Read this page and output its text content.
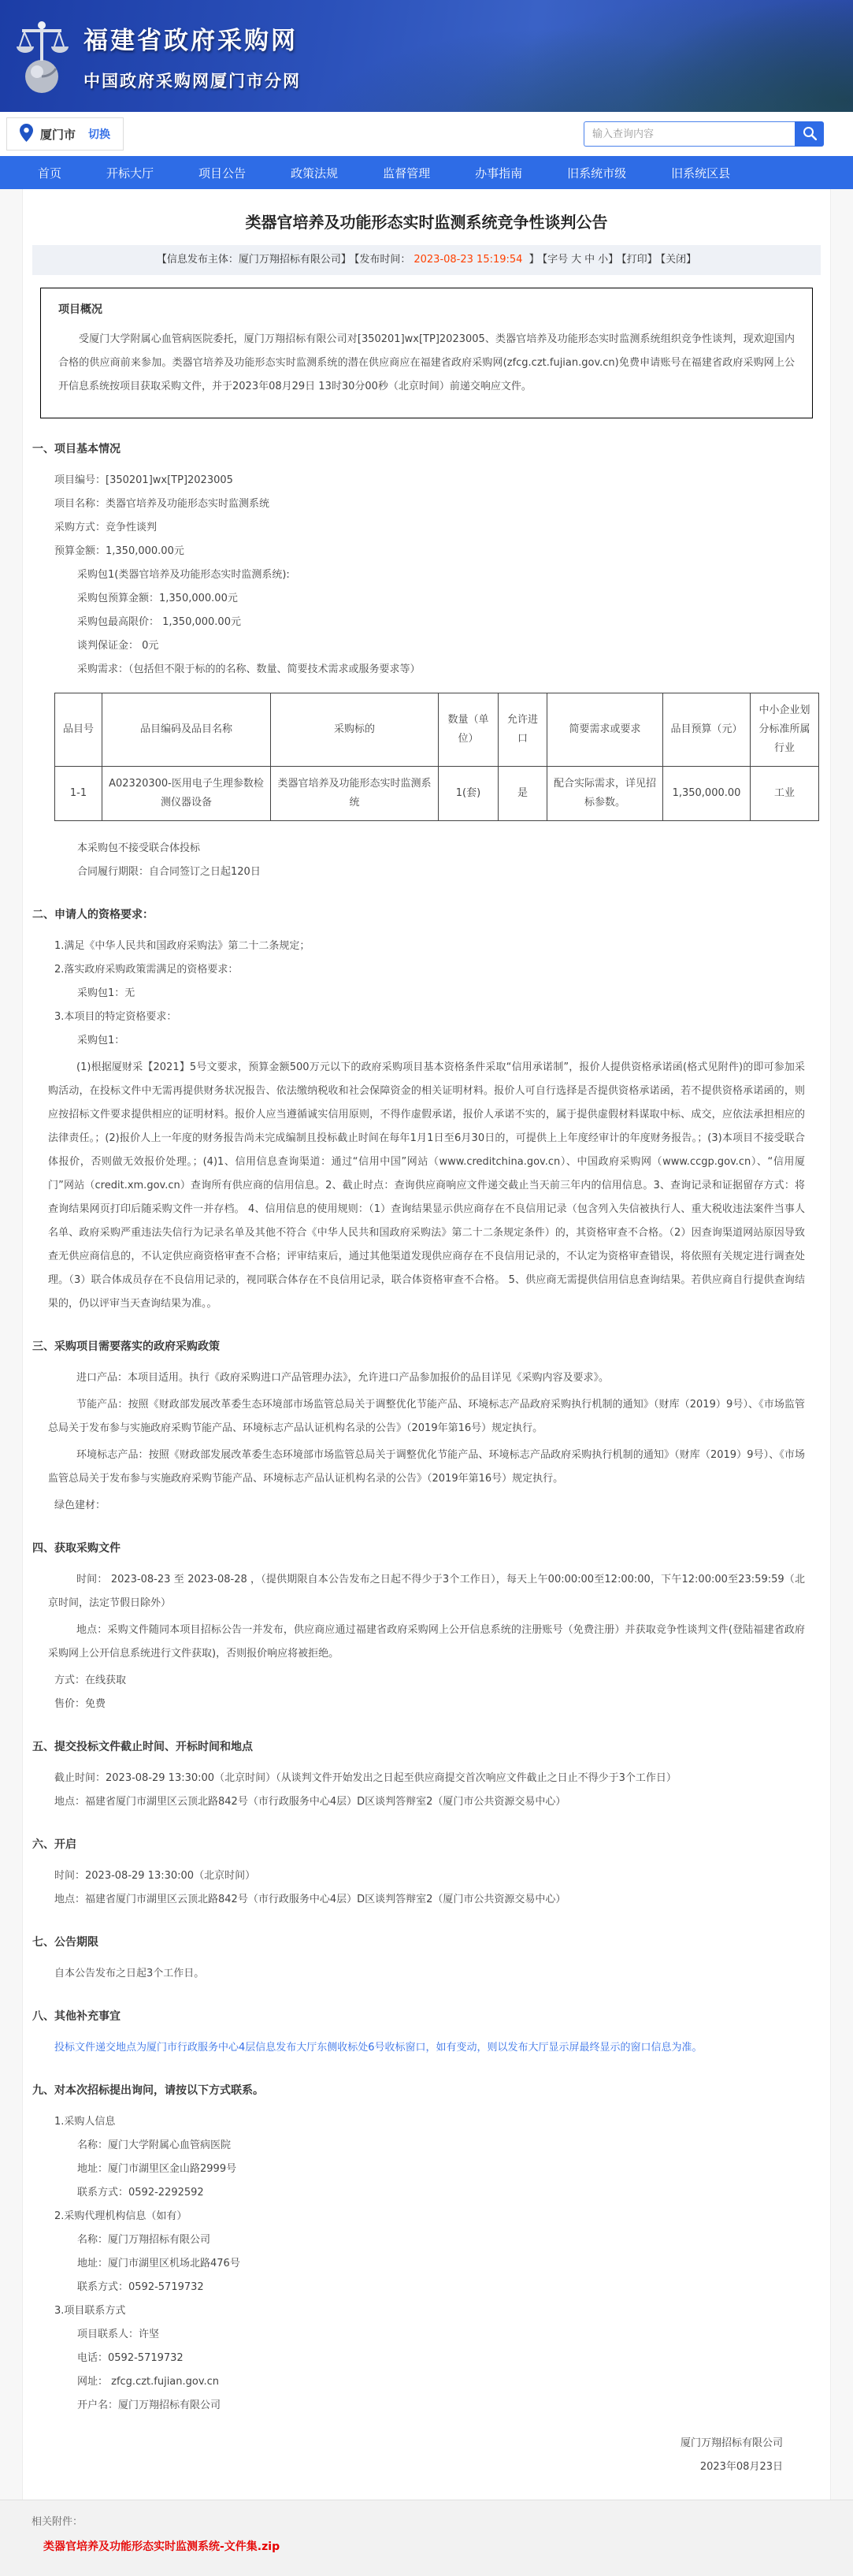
福建省政府采购网
中国政府采购网厦门市分网
厦门市 切换
输入查询内容
首页	开标大厅	项目公告	政策法规	监督管理	办事指南	旧系统市级	旧系统区县
类器官培养及功能形态实时监测系统竞争性谈判公告
【信息发布主体：厦门万翔招标有限公司】 【发布时间： 2023-08-23 15:19:54 】 【字号 大 中 小】 【打印】 【关闭】
项目概况

受厦门大学附属心血管病医院委托，厦门万翔招标有限公司对[350201]wx[TP]2023005、类器官培养及功能形态实时监测系统组织竞争性谈判，现欢迎国内合格的供应商前来参加。类器官培养及功能形态实时监测系统的潜在供应商应在福建省政府采购网(zfcg.czt.fujian.gov.cn)免费申请账号在福建省政府采购网上公开信息系统按项目获取采购文件，并于2023年08月29日 13时30分00秒（北京时间）前递交响应文件。

一、项目基本情况
项目编号：[350201]wx[TP]2023005
项目名称：类器官培养及功能形态实时监测系统
采购方式：竞争性谈判
预算金额：1,350,000.00元
采购包1(类器官培养及功能形态实时监测系统):
采购包预算金额：1,350,000.00元
采购包最高限价： 1,350,000.00元
谈判保证金： 0元
采购需求：（包括但不限于标的的名称、数量、简要技术需求或服务要求等）
品目号	品目编码及品目名称	采购标的	数量（单位）	允许进口	简要需求或要求	品目预算（元）	中小企业划分标准所属行业
1-1	A02320300-医用电子生理参数检测仪器设备	类器官培养及功能形态实时监测系统	1(套)	是	配合实际需求，详见招标参数。	1,350,000.00	工业
本采购包不接受联合体投标
合同履行期限：自合同签订之日起120日
二、申请人的资格要求：
1.满足《中华人民共和国政府采购法》第二十二条规定；
2.落实政府采购政策需满足的资格要求：
采购包1：无
3.本项目的特定资格要求：
采购包1：
(1)根据厦财采【2021】5号文要求，预算金额500万元以下的政府采购项目基本资格条件采取“信用承诺制”，报价人提供资格承诺函(格式见附件)的即可参加采购活动，在投标文件中无需再提供财务状况报告、依法缴纳税收和社会保障资金的相关证明材料。报价人可自行选择是否提供资格承诺函，若不提供资格承诺函的，则应按招标文件要求提供相应的证明材料。报价人应当遵循诚实信用原则，不得作虚假承诺，报价人承诺不实的，属于提供虚假材料谋取中标、成交，应依法承担相应的法律责任。；(2)报价人上一年度的财务报告尚未完成编制且投标截止时间在每年1月1日至6月30日的，可提供上上年度经审计的年度财务报告。；(3)本项目不接受联合体报价，否则做无效报价处理。；(4)1、信用信息查询渠道：通过“信用中国”网站（www.creditchina.gov.cn）、中国政府采购网（www.ccgp.gov.cn）、“信用厦门”网站（credit.xm.gov.cn）查询所有供应商的信用信息。2、截止时点：查询供应商响应文件递交截止当天前三年内的信用信息。3、查询记录和证据留存方式：将查询结果网页打印后随采购文件一并存档。 4、信用信息的使用规则：（1）查询结果显示供应商存在不良信用记录（包含列入失信被执行人、重大税收违法案件当事人名单、政府采购严重违法失信行为记录名单及其他不符合《中华人民共和国政府采购法》第二十二条规定条件）的，其资格审查不合格。（2）因查询渠道网站原因导致查无供应商信息的，不认定供应商资格审查不合格；评审结束后，通过其他渠道发现供应商存在不良信用记录的，不认定为资格审查错误，将依照有关规定进行调查处理。（3）联合体成员存在不良信用记录的，视同联合体存在不良信用记录，联合体资格审查不合格。 5、供应商无需提供信用信息查询结果。若供应商自行提供查询结果的，仍以评审当天查询结果为准。。
三、采购项目需要落实的政府采购政策
进口产品：本项目适用。执行《政府采购进口产品管理办法》，允许进口产品参加报价的品目详见《采购内容及要求》。
节能产品：按照《财政部发展改革委生态环境部市场监管总局关于调整优化节能产品、环境标志产品政府采购执行机制的通知》（财库（2019）9号）、《市场监管总局关于发布参与实施政府采购节能产品、环境标志产品认证机构名录的公告》（2019年第16号）规定执行。
环境标志产品：按照《财政部发展改革委生态环境部市场监管总局关于调整优化节能产品、环境标志产品政府采购执行机制的通知》（财库（2019）9号）、《市场监管总局关于发布参与实施政府采购节能产品、环境标志产品认证机构名录的公告》（2019年第16号）规定执行。
绿色建材：
四、获取采购文件
时间： 2023-08-23 至 2023-08-28 ，（提供期限自本公告发布之日起不得少于3个工作日），每天上午00:00:00至12:00:00，下午12:00:00至23:59:59（北京时间，法定节假日除外）
地点：采购文件随同本项目招标公告一并发布，供应商应通过福建省政府采购网上公开信息系统的注册账号（免费注册）并获取竞争性谈判文件(登陆福建省政府采购网上公开信息系统进行文件获取)，否则报价响应将被拒绝。
方式：在线获取
售价：免费
五、提交投标文件截止时间、开标时间和地点
截止时间：2023-08-29 13:30:00（北京时间）（从谈判文件开始发出之日起至供应商提交首次响应文件截止之日止不得少于3个工作日）
地点：福建省厦门市湖里区云顶北路842号（市行政服务中心4层）D区谈判答辩室2（厦门市公共资源交易中心）
六、开启
时间：2023-08-29 13:30:00（北京时间）
地点：福建省厦门市湖里区云顶北路842号（市行政服务中心4层）D区谈判答辩室2（厦门市公共资源交易中心）
七、公告期限
自本公告发布之日起3个工作日。
八、其他补充事宜
投标文件递交地点为厦门市行政服务中心4层信息发布大厅东侧收标处6号收标窗口，如有变动，则以发布大厅显示屏最终显示的窗口信息为准。
九、对本次招标提出询问，请按以下方式联系。
1.采购人信息
名称：厦门大学附属心血管病医院
地址：厦门市湖里区金山路2999号
联系方式：0592-2292592
2.采购代理机构信息（如有）
名称：厦门万翔招标有限公司
地址：厦门市湖里区机场北路476号
联系方式：0592-5719732
3.项目联系方式
项目联系人：许坚
电话：0592-5719732
网址： zfcg.czt.fujian.gov.cn
开户名：厦门万翔招标有限公司
厦门万翔招标有限公司
2023年08月23日
相关附件：
类器官培养及功能形态实时监测系统-文件集.zip
